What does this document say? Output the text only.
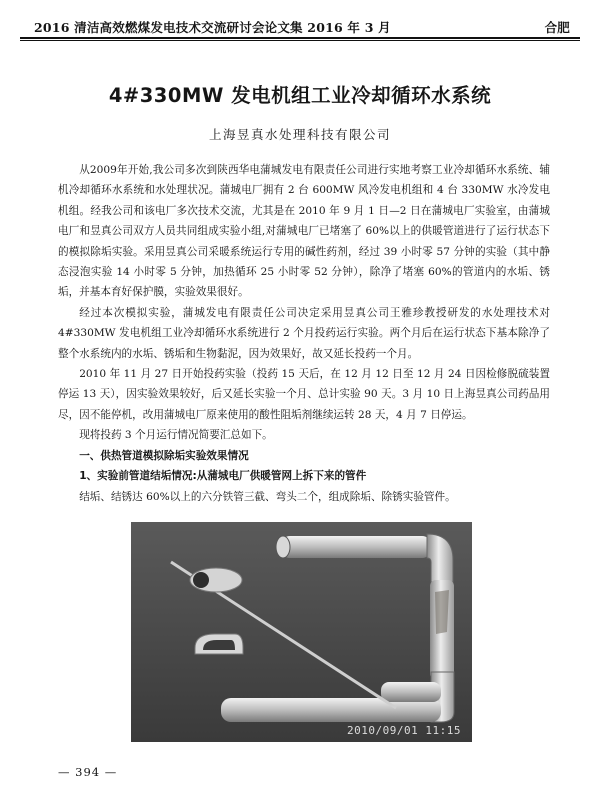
2016 清洁高效燃煤发电技术交流研讨会论文集 2016 年 3 月	合肥
4#330MW 发电机组工业冷却循环水系统
上海昱真水处理科技有限公司

从2009年开始,我公司多次到陕西华电蒲城发电有限责任公司进行实地考察工业冷却循环水系统、辅机冷却循环水系统和水处理状况。蒲城电厂拥有 2 台 600MW 风冷发电机组和 4 台 330MW 水冷发电机组。经我公司和该电厂多次技术交流，尤其是在 2010 年 9 月 1 日—2 日在蒲城电厂实验室，由蒲城电厂和昱真公司双方人员共同组成实验小组,对蒲城电厂已堵塞了 60%以上的供暖管道进行了运行状态下的模拟除垢实验。采用昱真公司采暖系统运行专用的碱性药剂，经过 39 小时零 57 分钟的实验（其中静态浸泡实验 14 小时零 5 分钟，加热循环 25 小时零 52 分钟），除净了堵塞 60%的管道内的水垢、锈垢，并基本育好保护膜，实验效果很好。

经过本次模拟实验，蒲城发电有限责任公司决定采用昱真公司王雅珍教授研发的水处理技术对4#330MW 发电机组工业冷却循环水系统进行 2 个月投药运行实验。两个月后在运行状态下基本除净了整个水系统内的水垢、锈垢和生物黏泥，因为效果好，故又延长投药一个月。

2010 年 11 月 27 日开始投药实验（投药 15 天后，在 12 月 12 日至 12 月 24 日因检修脱硫装置停运 13 天），因实验效果较好，后又延长实验一个月、总计实验 90 天。3 月 10 日上海昱真公司药品用尽，因不能停机，改用蒲城电厂原来使用的酸性阻垢剂继续运转 28 天，4 月 7 日停运。

现将投药 3 个月运行情况简要汇总如下。

一、供热管道模拟除垢实验效果情况

1、实验前管道结垢情况:从蒲城电厂供暖管网上拆下来的管件

结垢、结锈达 60%以上的六分铁管三截、弯头二个，组成除垢、除锈实验管件。

2010/09/01 11:15
— 394 —
